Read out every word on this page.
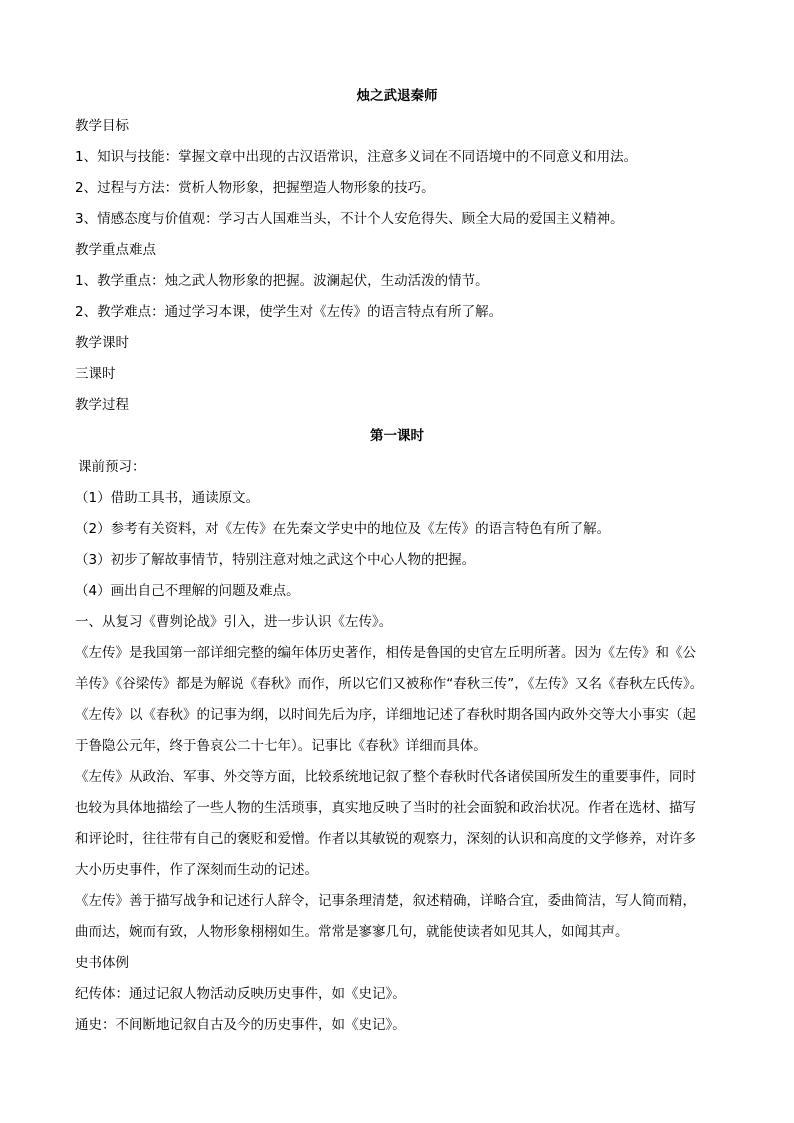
烛之武退秦师
教学目标
1、知识与技能：掌握文章中出现的古汉语常识，注意多义词在不同语境中的不同意义和用法。
2、过程与方法：赏析人物形象，把握塑造人物形象的技巧。
3、情感态度与价值观：学习古人国难当头，不计个人安危得失、顾全大局的爱国主义精神。
教学重点难点
1、教学重点：烛之武人物形象的把握。波澜起伏，生动活泼的情节。
2、教学难点：通过学习本课，使学生对《左传》的语言特点有所了解。
教学课时
三课时
教学过程
第一课时
课前预习：
（1）借助工具书，通读原文。
（2）参考有关资料，对《左传》在先秦文学史中的地位及《左传》的语言特色有所了解。
（3）初步了解故事情节，特别注意对烛之武这个中心人物的把握。
（4）画出自己不理解的问题及难点。
一、从复习《曹刿论战》引入，进一步认识《左传》。
《左传》是我国第一部详细完整的编年体历史著作，相传是鲁国的史官左丘明所著。因为《左传》和《公
羊传》《谷梁传》都是为解说《春秋》而作，所以它们又被称作“春秋三传”，《左传》又名《春秋左氏传》。
《左传》以《春秋》的记事为纲，以时间先后为序，详细地记述了春秋时期各国内政外交等大小事实（起
于鲁隐公元年，终于鲁哀公二十七年）。记事比《春秋》详细而具体。
《左传》从政治、军事、外交等方面，比较系统地记叙了整个春秋时代各诸侯国所发生的重要事件，同时
也较为具体地描绘了一些人物的生活琐事，真实地反映了当时的社会面貌和政治状况。作者在选材、描写
和评论时，往往带有自己的褒贬和爱憎。作者以其敏锐的观察力，深刻的认识和高度的文学修养，对许多
大小历史事件，作了深刻而生动的记述。
《左传》善于描写战争和记述行人辞令，记事条理清楚，叙述精确，详略合宜，委曲简洁，写人简而精，
曲而达，婉而有致，人物形象栩栩如生。常常是寥寥几句，就能使读者如见其人，如闻其声。
史书体例
纪传体：通过记叙人物活动反映历史事件，如《史记》。
通史：不间断地记叙自古及今的历史事件，如《史记》。
